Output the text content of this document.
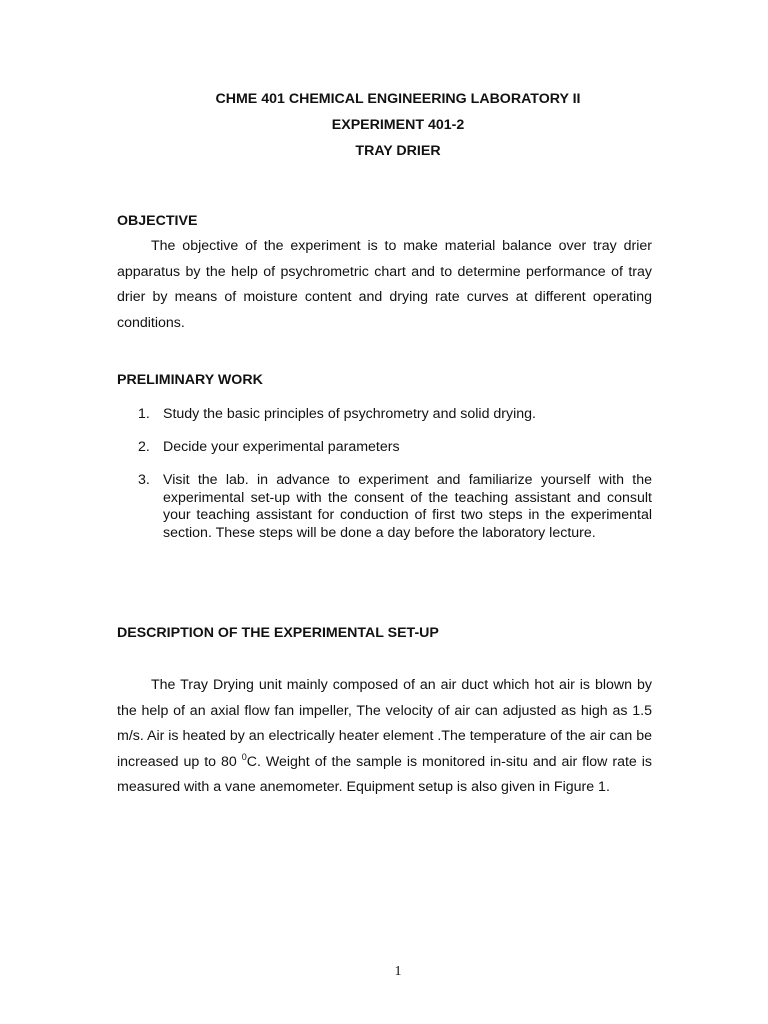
CHME 401 CHEMICAL ENGINEERING LABORATORY II
EXPERIMENT 401-2
TRAY DRIER
OBJECTIVE

The objective of the experiment is to make material balance over tray drier apparatus by the help of psychrometric chart and to determine performance of tray drier by means of moisture content and drying rate curves at different operating conditions.

PRELIMINARY WORK
1. Study the basic principles of psychrometry and solid drying.
2. Decide your experimental parameters
3. Visit the lab. in advance to experiment and familiarize yourself with the experimental set-up with the consent of the teaching assistant and consult your teaching assistant for conduction of first two steps in the experimental section. These steps will be done a day before the laboratory lecture.
DESCRIPTION OF THE EXPERIMENTAL SET-UP

The Tray Drying unit mainly composed of an air duct which hot air is blown by the help of an axial flow fan impeller, The velocity of air can adjusted as high as 1.5 m/s. Air is heated by an electrically heater element .The temperature of the air can be increased up to 80 $^0$C. Weight of the sample is monitored in-situ and air flow rate is measured with a vane anemometer. Equipment setup is also given in Figure 1.

1
